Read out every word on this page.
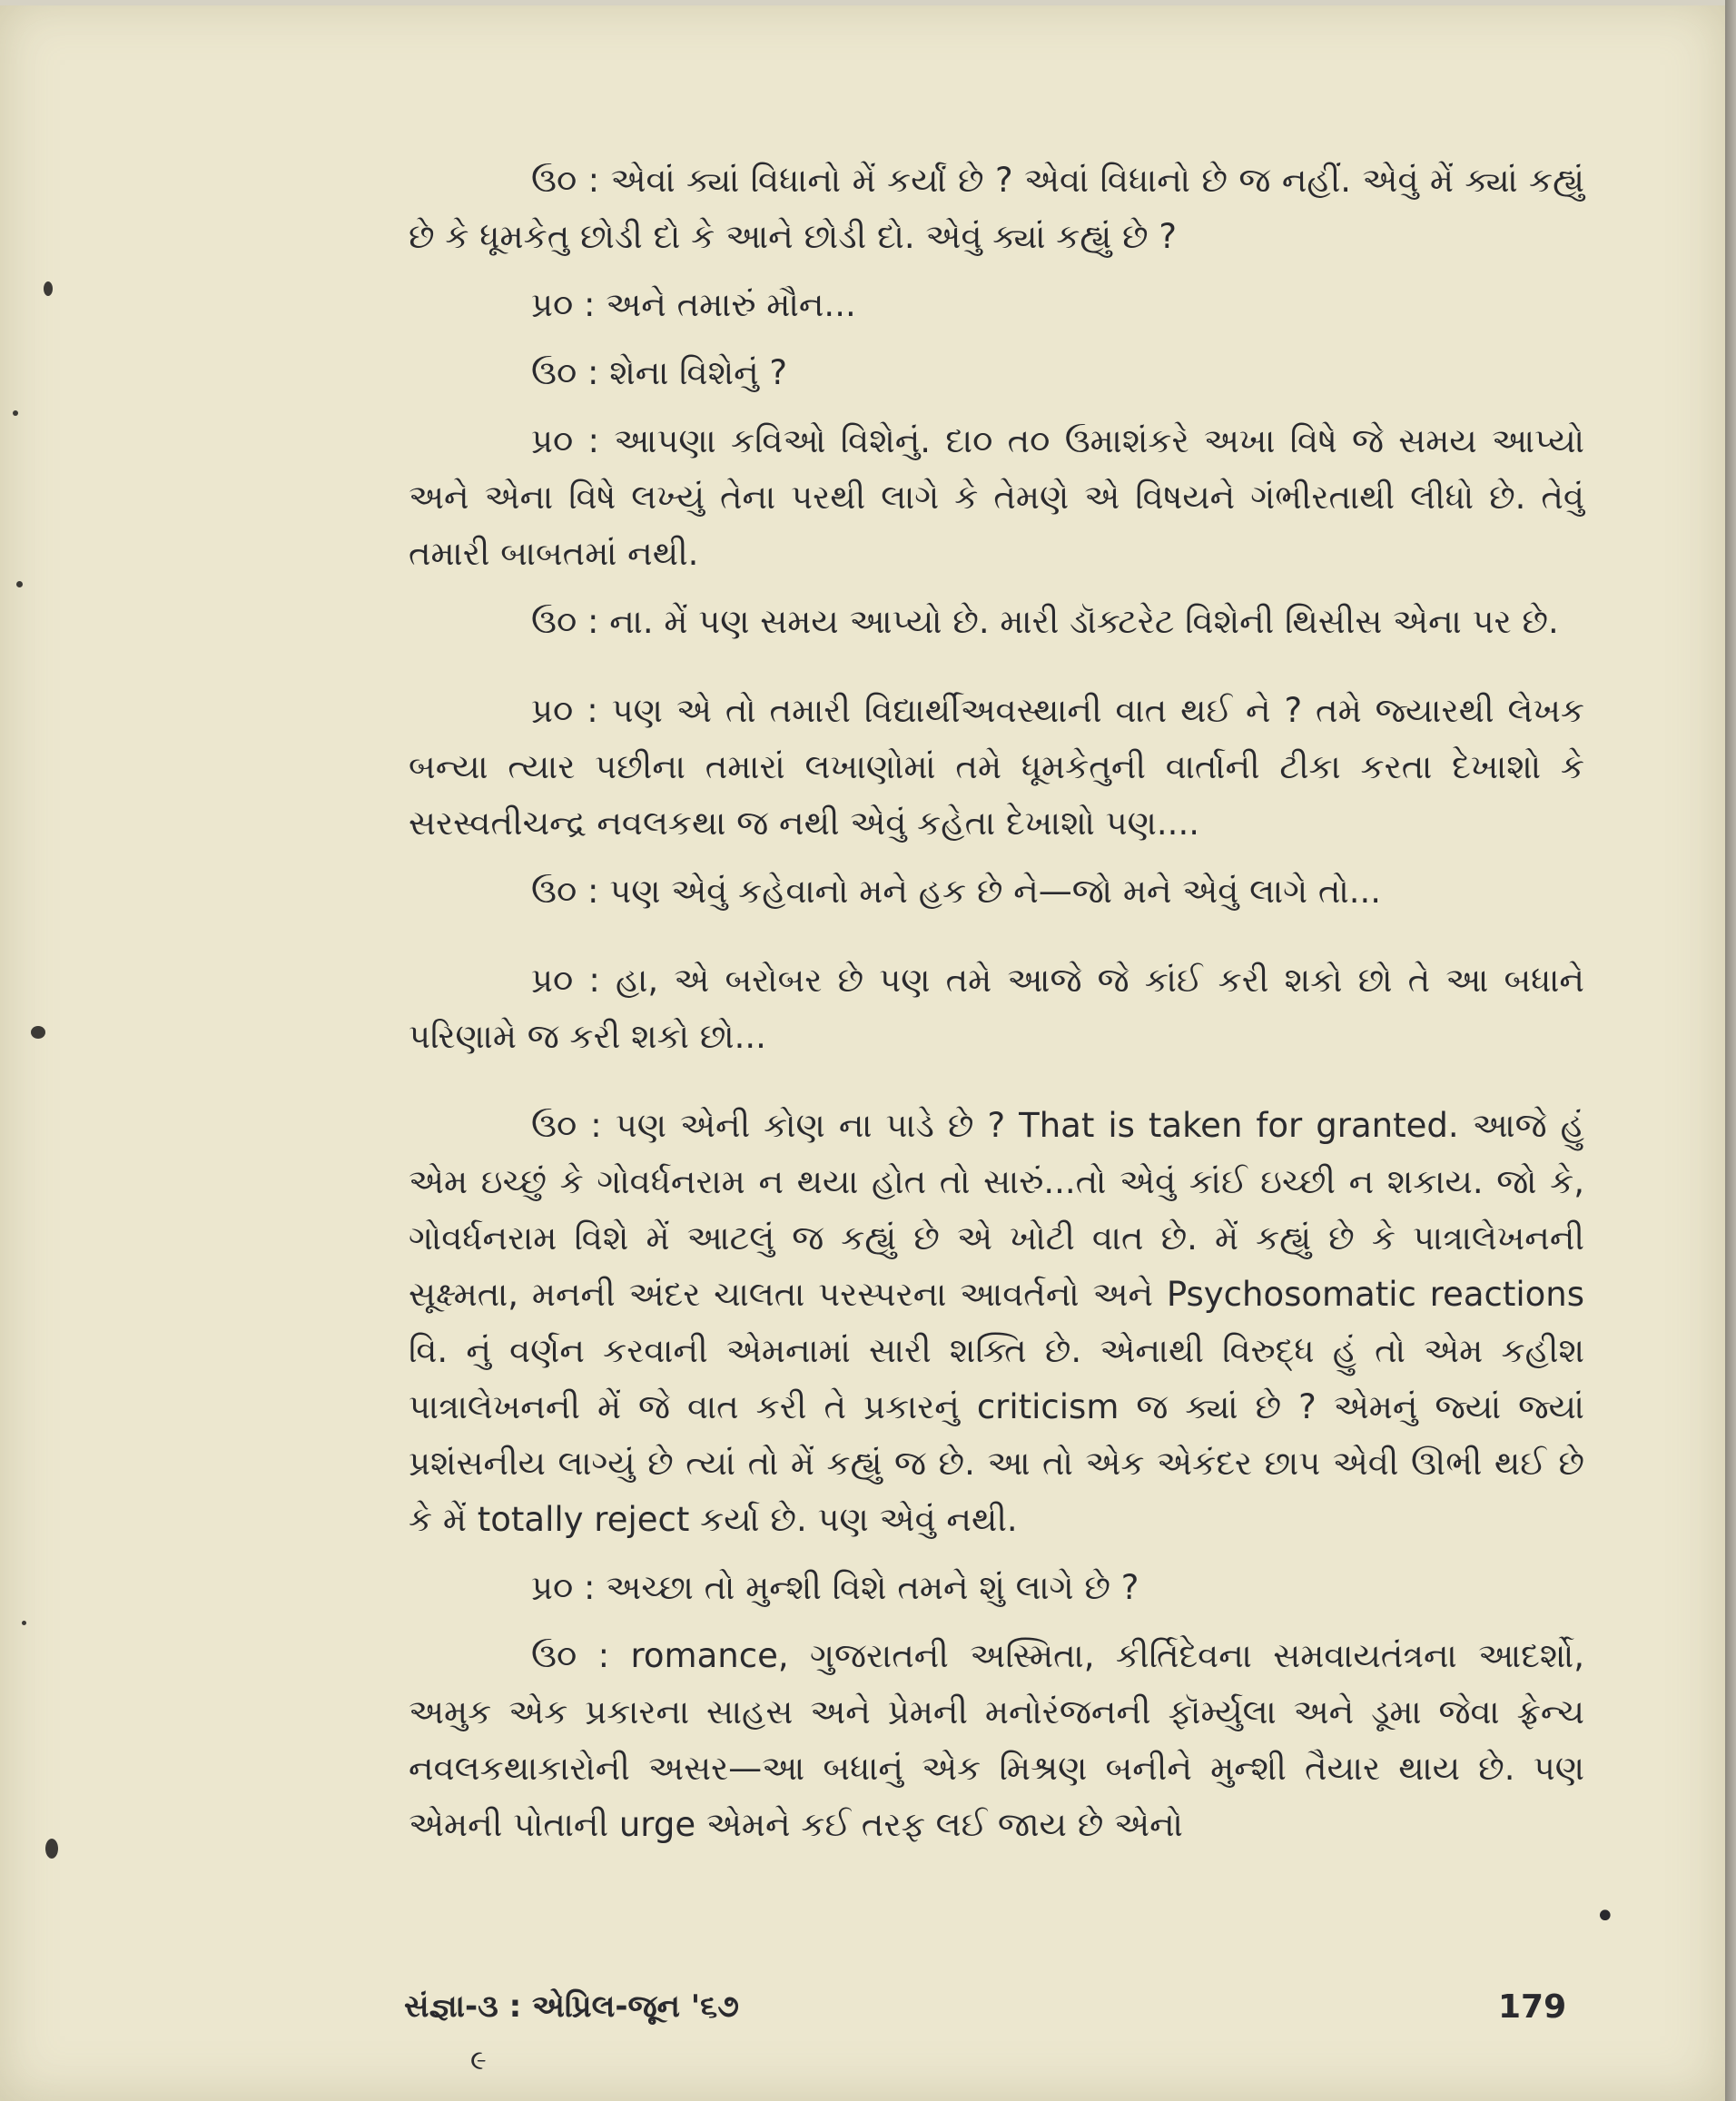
ઉ૦ : એવાં ક્યાં વિધાનો મેં કર્યાં છે ? એવાં વિધાનો છે જ નહીં. એવું મેં ક્યાં કહ્યું છે કે ધૂમકેતુ છોડી દો કે આને છોડી દો. એવું ક્યાં કહ્યું છે ?

પ્ર૦ : અને તમારું મૌન...

ઉ૦ : શેના વિશેનું ?

પ્ર૦ : આપણા કવિઓ વિશેનું. દા૦ ત૦ ઉમાશંકરે અખા વિષે જે સમય આપ્યો અને એના વિષે લખ્યું તેના પરથી લાગે કે તેમણે એ વિષયને ગંભીરતાથી લીધો છે. તેવું તમારી બાબતમાં નથી.

ઉ૦ : ના. મેં પણ સમય આપ્યો છે. મારી ડૉક્ટરેટ વિશેની થિસીસ એના પર છે.

પ્ર૦ : પણ એ તો તમારી વિદ્યાર્થીઅવસ્થાની વાત થઈ ને ? તમે જ્યારથી લેખક બન્યા ત્યાર પછીના તમારાં લખાણોમાં તમે ધૂમકેતુની વાર્તાની ટીકા કરતા દેખાશો કે સરસ્વતીચન્દ્ર નવલકથા જ નથી એવું કહેતા દેખાશો પણ....

ઉ૦ : પણ એવું કહેવાનો મને હક છે ને—જો મને એવું લાગે તો...

પ્ર૦ : હા, એ બરોબર છે પણ તમે આજે જે કાંઈ કરી શકો છો તે આ બધાને પરિણામે જ કરી શકો છો...

ઉ૦ : પણ એની કોણ ના પાડે છે ? That is taken for granted. આજે હું એમ ઇચ્છું કે ગોવર્ધનરામ ન થયા હોત તો સારું...તો એવું કાંઈ ઇચ્છી ન શકાય. જો કે, ગોવર્ધનરામ વિશે મેં આટલું જ કહ્યું છે એ ખોટી વાત છે. મેં કહ્યું છે કે પાત્રાલેખનની સૂક્ષ્મતા, મનની અંદર ચાલતા પરસ્પરના આવર્તનો અને Psychosomatic reactions વિ. નું વર્ણન કરવાની એમનામાં સારી શક્તિ છે. એનાથી વિરુદ્ધ હું તો એમ કહીશ પાત્રાલેખનની મેં જે વાત કરી તે પ્રકારનું criticism જ ક્યાં છે ? એમનું જ્યાં જ્યાં પ્રશંસનીય લાગ્યું છે ત્યાં તો મેં કહ્યું જ છે. આ તો એક એકંદર છાપ એવી ઊભી થઈ છે કે મેં totally reject કર્યા છે. પણ એવું નથી.

પ્ર૦ : અચ્છા તો મુન્શી વિશે તમને શું લાગે છે ?

ઉ૦ : romance, ગુજરાતની અસ્મિતા, કીર્તિદેવના સમવાયતંત્રના આદર્શો, અમુક એક પ્રકારના સાહસ અને પ્રેમની મનોરંજનની ફૉર્મ્યુલા અને ડૂમા જેવા ફ્રેન્ચ નવલકથાકારોની અસર—આ બધાનું એક મિશ્રણ બનીને મુન્શી તૈયાર થાય છે. પણ એમની પોતાની urge એમને કઈ તરફ લઈ જાય છે એનો

•
સંજ્ઞા-૩ : એપ્રિલ-જૂન '૬૭	179
૯
